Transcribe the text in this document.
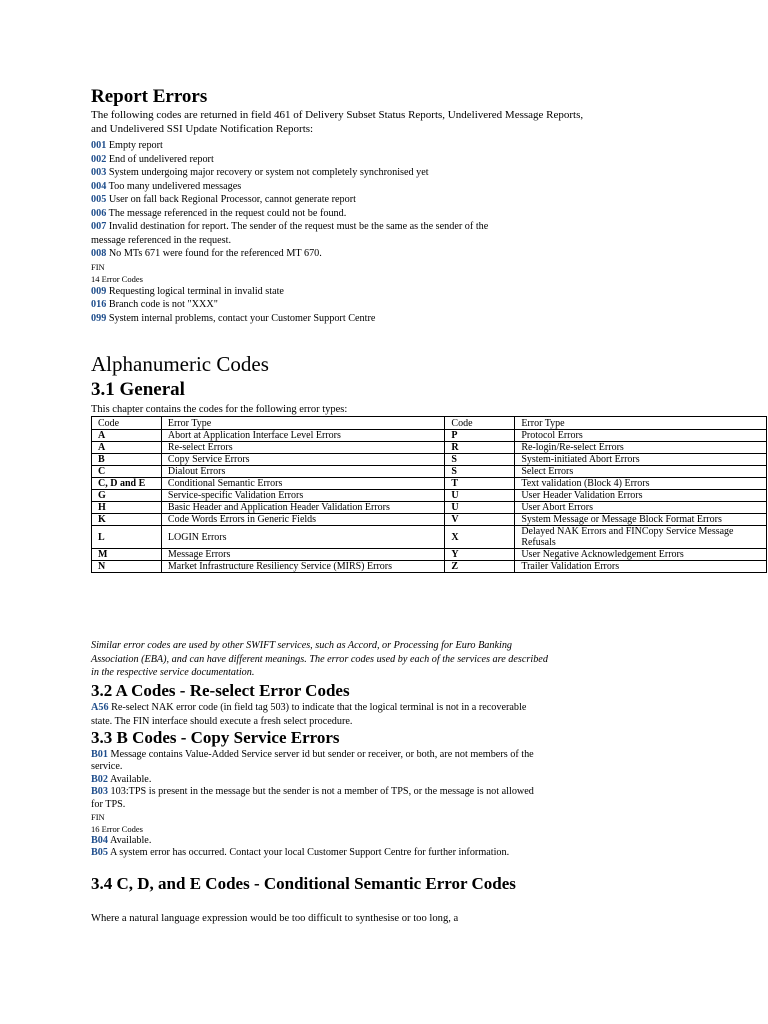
Report Errors
The following codes are returned in field 461 of Delivery Subset Status Reports, Undelivered Message Reports, and Undelivered SSI Update Notification Reports:
001 Empty report
002 End of undelivered report
003 System undergoing major recovery or system not completely synchronised yet
004 Too many undelivered messages
005 User on fall back Regional Processor, cannot generate report
006 The message referenced in the request could not be found.
007 Invalid destination for report. The sender of the request must be the same as the sender of the
message referenced in the request.
008 No MTs 671 were found for the referenced MT 670.
FIN
14 Error Codes
009 Requesting logical terminal in invalid state
016 Branch code is not "XXX"
099 System internal problems, contact your Customer Support Centre
Alphanumeric Codes
3.1 General
This chapter contains the codes for the following error types:
Code	Error Type	Code	Error Type
A	Abort at Application Interface Level Errors	P	Protocol Errors
A	Re-select Errors	R	Re-login/Re-select Errors
B	Copy Service Errors	S	System-initiated Abort Errors
C	Dialout Errors	S	Select Errors
C, D and E	Conditional Semantic Errors	T	Text validation (Block 4) Errors
G	Service-specific Validation Errors	U	User Header Validation Errors
H	Basic Header and Application Header Validation Errors	U	User Abort Errors
K	Code Words Errors in Generic Fields	V	System Message or Message Block Format Errors
L	LOGIN Errors	X	Delayed NAK Errors and FINCopy Service Message Refusals
M	Message Errors	Y	User Negative Acknowledgement Errors
N	Market Infrastructure Resiliency Service (MIRS) Errors	Z	Trailer Validation Errors
Similar error codes are used by other SWIFT services, such as Accord, or Processing for Euro Banking Association (EBA), and can have different meanings. The error codes used by each of the services are described in the respective service documentation.
3.2 A Codes - Re-select Error Codes
A56 Re-select NAK error code (in field tag 503) to indicate that the logical terminal is not in a recoverable state. The FIN interface should execute a fresh select procedure.
3.3 B Codes - Copy Service Errors
B01 Message contains Value-Added Service server id but sender or receiver, or both, are not members of the service.
B02 Available.
B03 103:TPS is present in the message but the sender is not a member of TPS, or the message is not allowed for TPS.
FIN
16 Error Codes
B04 Available.
B05 A system error has occurred. Contact your local Customer Support Centre for further information.
3.4 C, D, and E Codes - Conditional Semantic Error Codes
Where a natural language expression would be too difficult to synthesise or too long, a
